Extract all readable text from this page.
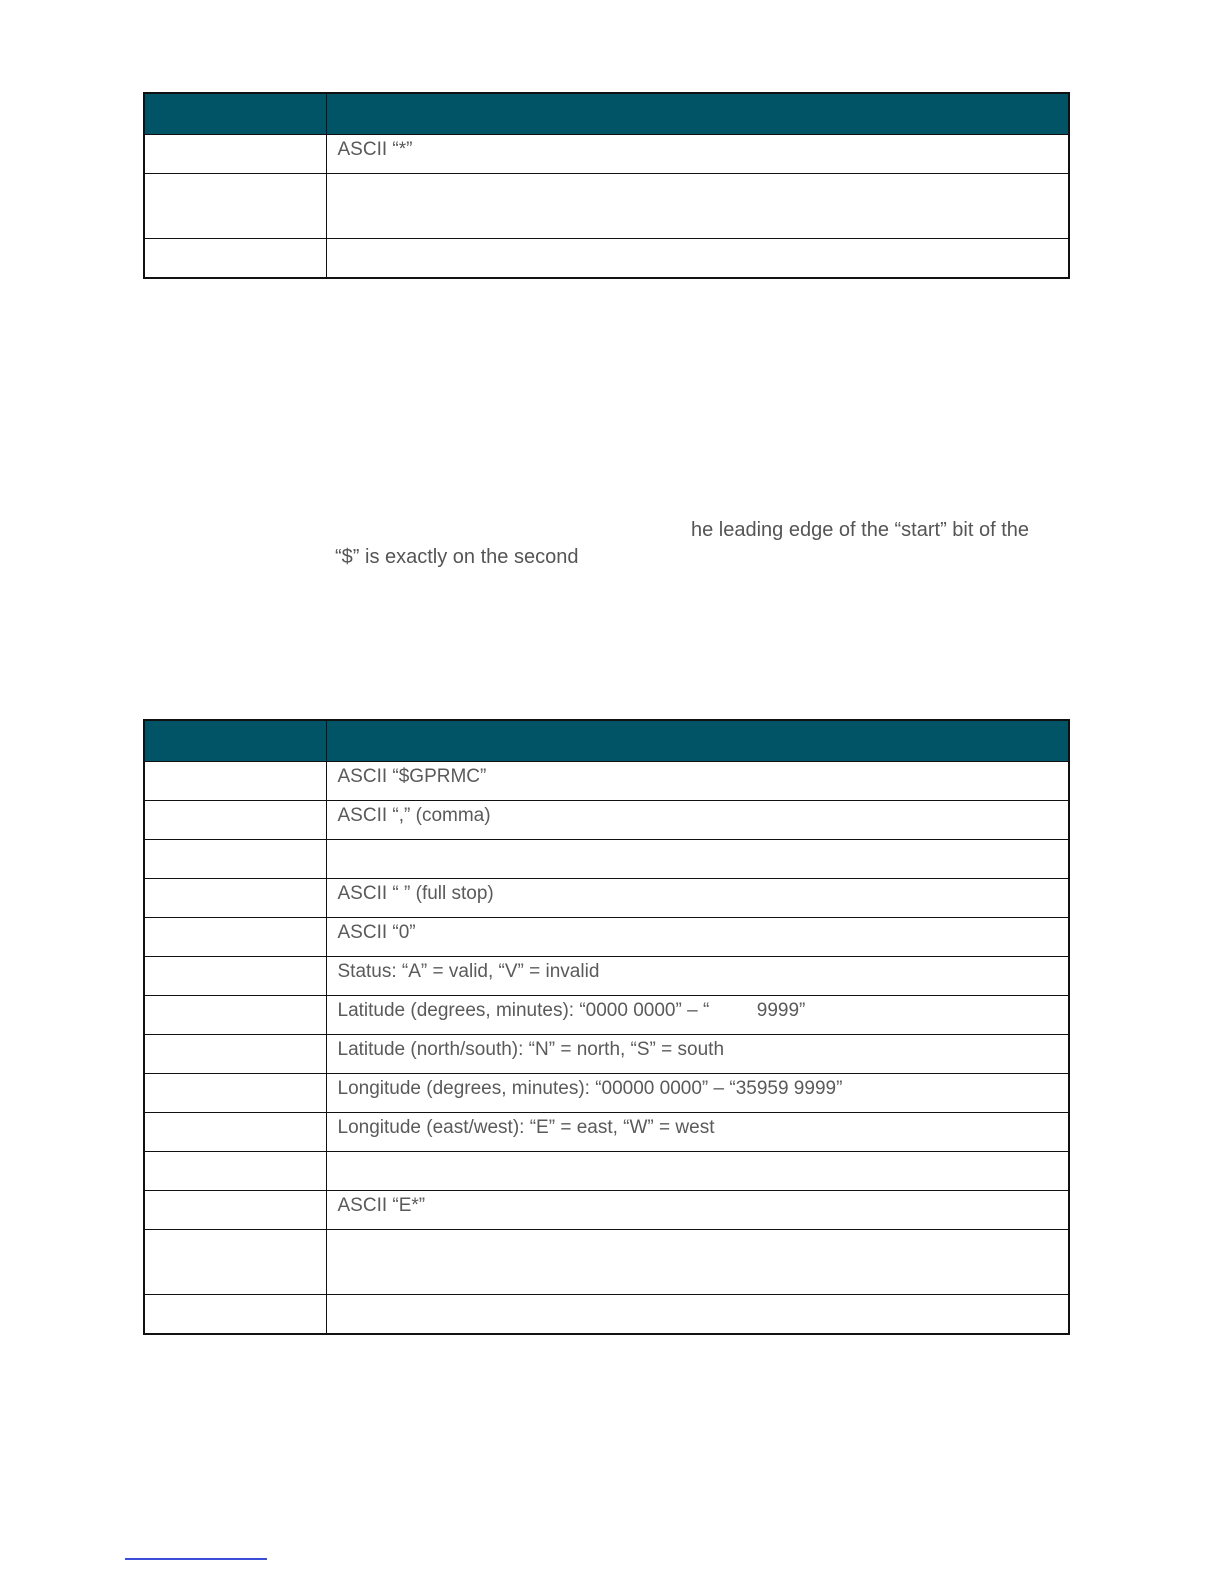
	ASCII “*”

he leading edge of the “start” bit of the

“$” is exactly on the second

	ASCII “$GPRMC”
	ASCII “,” (comma)

	ASCII “ ” (full stop)
	ASCII “0”
	Status: “A” = valid, “V” = invalid
	Latitude (degrees, minutes): “0000 0000” – “         9999”
	Latitude (north/south): “N” = north, “S” = south
	Longitude (degrees, minutes): “00000 0000” – “35959 9999”
	Longitude (east/west): “E” = east, “W” = west

	ASCII “E*”
